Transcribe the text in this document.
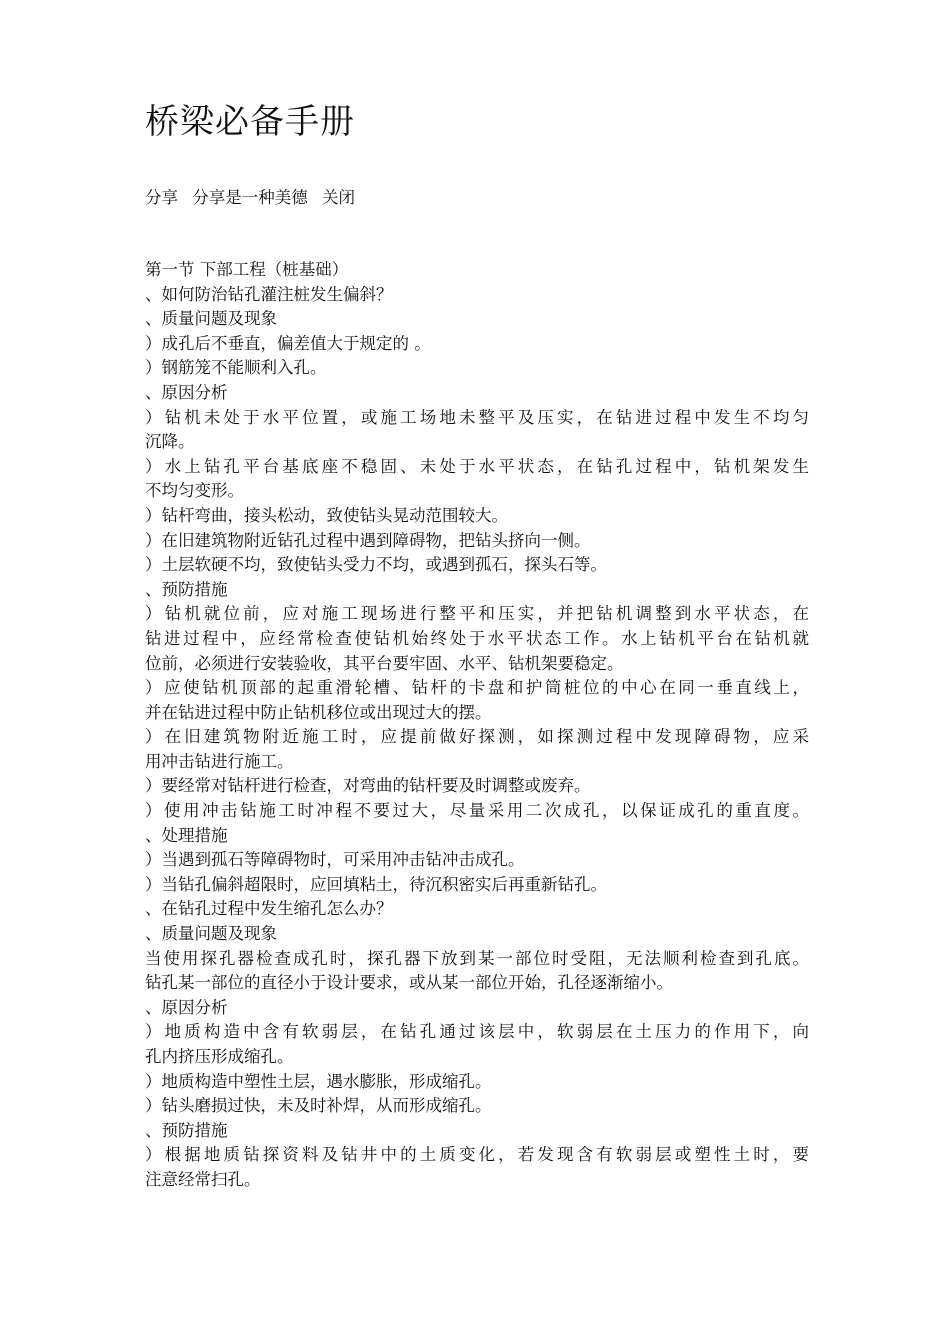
桥梁必备手册
分享 分享是一种美德 关闭
第一节 下部工程（桩基础）
、如何防治钻孔灌注桩发生偏斜？
、质量问题及现象
）成孔后不垂直，偏差值大于规定的 。
）钢筋笼不能顺利入孔。
、原因分析
）钻机未处于水平位置，或施工场地未整平及压实，在钻进过程中发生不均匀
沉降。
）水上钻孔平台基底座不稳固、未处于水平状态，在钻孔过程中，钻机架发生
不均匀变形。
）钻杆弯曲，接头松动，致使钻头晃动范围较大。
）在旧建筑物附近钻孔过程中遇到障碍物，把钻头挤向一侧。
）土层软硬不均，致使钻头受力不均，或遇到孤石，探头石等。
、预防措施
）钻机就位前，应对施工现场进行整平和压实，并把钻机调整到水平状态，在
钻进过程中，应经常检查使钻机始终处于水平状态工作。水上钻机平台在钻机就
位前，必须进行安装验收，其平台要牢固、水平、钻机架要稳定。
）应使钻机顶部的起重滑轮槽、钻杆的卡盘和护筒桩位的中心在同一垂直线上，
并在钻进过程中防止钻机移位或出现过大的摆。
）在旧建筑物附近施工时，应提前做好探测，如探测过程中发现障碍物，应采
用冲击钻进行施工。
）要经常对钻杆进行检查，对弯曲的钻杆要及时调整或废弃。
）使用冲击钻施工时冲程不要过大，尽量采用二次成孔，以保证成孔的重直度。
、处理措施
）当遇到孤石等障碍物时，可采用冲击钻冲击成孔。
）当钻孔偏斜超限时，应回填粘土，待沉积密实后再重新钻孔。
、在钻孔过程中发生缩孔怎么办？
、质量问题及现象
当使用探孔器检查成孔时，探孔器下放到某一部位时受阻，无法顺利检查到孔底。
钻孔某一部位的直径小于设计要求，或从某一部位开始，孔径逐渐缩小。
、原因分析
）地质构造中含有软弱层，在钻孔通过该层中，软弱层在土压力的作用下，向
孔内挤压形成缩孔。
）地质构造中塑性土层，遇水膨胀，形成缩孔。
）钻头磨损过快，未及时补焊，从而形成缩孔。
、预防措施
）根据地质钻探资料及钻井中的土质变化，若发现含有软弱层或塑性土时，要
注意经常扫孔。
